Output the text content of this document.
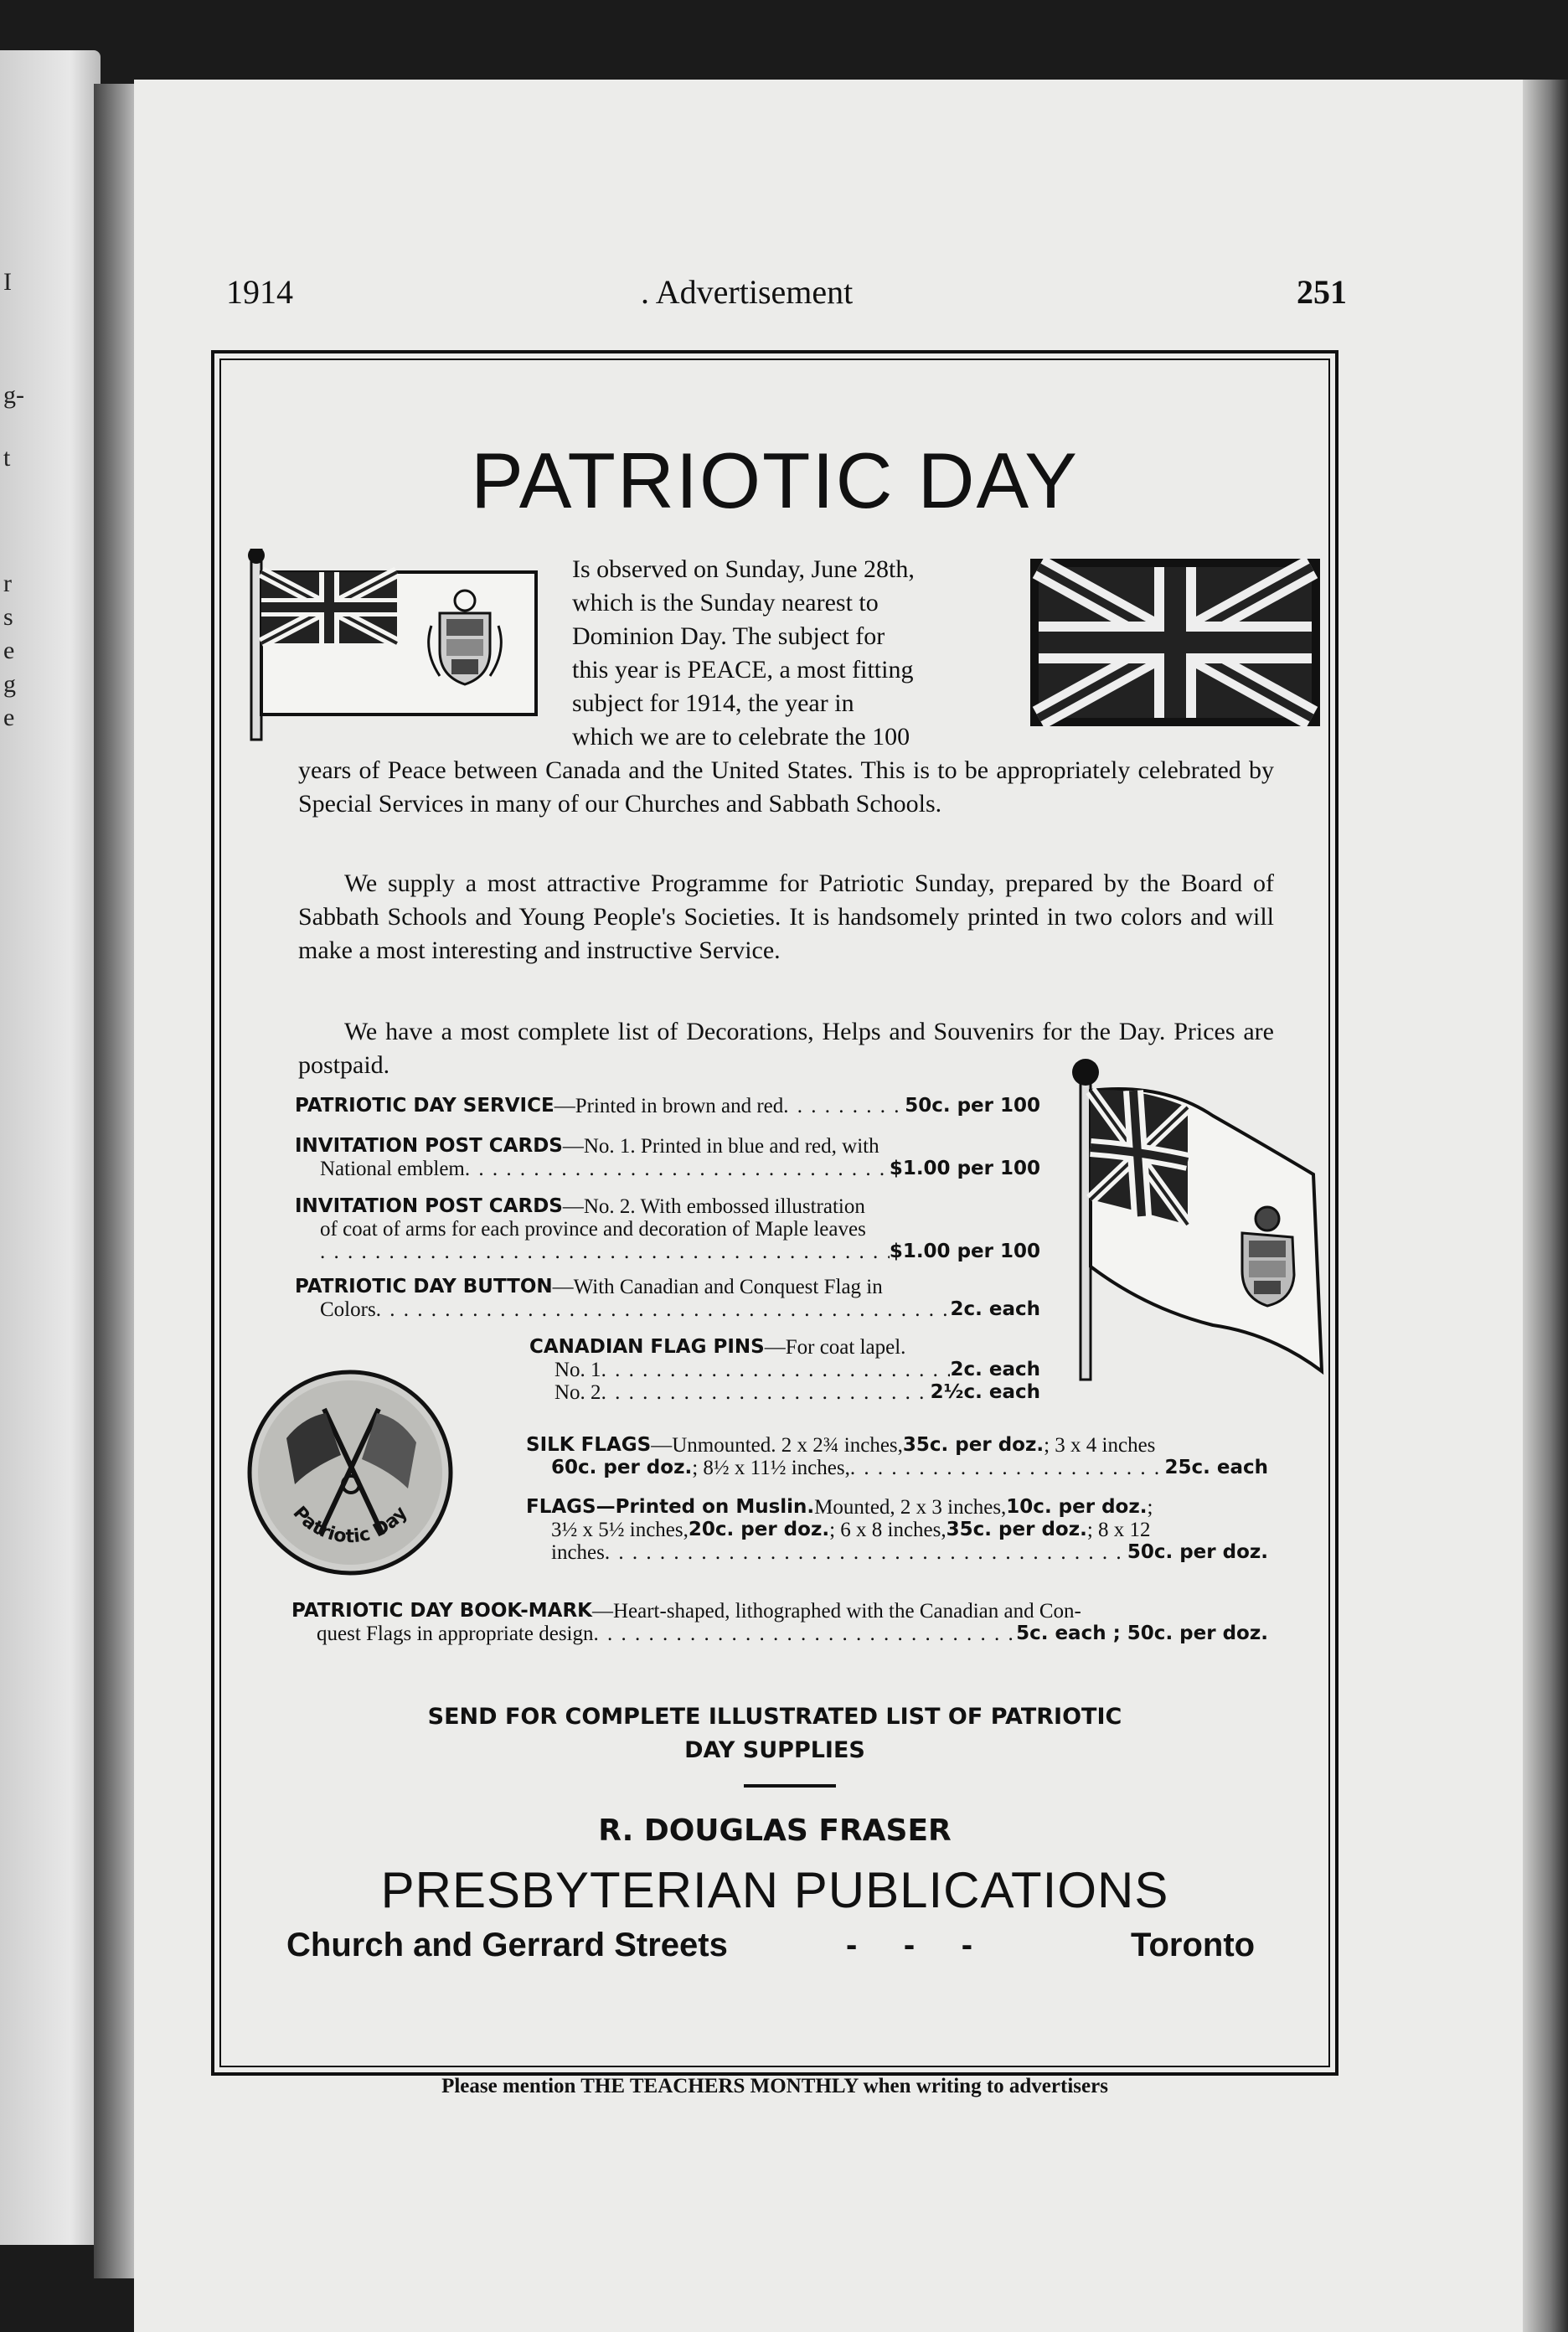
I
g-
t
r
s
e
g
e
1914	. Advertisement	251
PATRIOTIC DAY
Is observed on Sunday, June 28th,
which is the Sunday nearest to
Dominion Day. The subject for
this year is PEACE, a most fitting
subject for 1914, the year in
which we are to celebrate the 100
years of Peace between Canada and the United States. This is to be appropriately celebrated by Special Services in many of our Churches and Sabbath Schools.
We supply a most attractive Programme for Patriotic Sunday, prepared by the Board of Sabbath Schools and Young People's Societies. It is handsomely printed in two colors and will make a most interesting and instructive Service.
We have a most complete list of Decorations, Helps and Souvenirs for the Day. Prices are postpaid.
PATRIOTIC DAY SERVICE —Printed in brown and red . . .	50c. per 100
INVITATION POST CARDS —No. 1. Printed in blue and red, with
National emblem . . .	$1.00 per 100
INVITATION POST CARDS —No. 2. With embossed illustration
of coat of arms for each province and decoration of Maple leaves
. . .
$1.00 per 100
PATRIOTIC DAY BUTTON —With Canadian and Conquest Flag in
Colors . . .	2c. each
CANADIAN FLAG PINS —For coat lapel.
No. 1 . . .	2c. each
No. 2 . . .	2½c. each
Patriotic Day
SILK FLAGS —Unmounted. 2 x 2¾ inches, 35c. per doz. ; 3 x 4 inches
60c. per doz. ; 8½ x 11½ inches, . . .	25c. each
FLAGS—Printed on Muslin. Mounted, 2 x 3 inches, 10c. per doz. ;
3½ x 5½ inches, 20c. per doz. ; 6 x 8 inches, 35c. per doz. ; 8 x 12
inches . . .	50c. per doz.
PATRIOTIC DAY BOOK-MARK —Heart-shaped, lithographed with the Canadian and Con-
quest Flags in appropriate design . . .	5c. each ; 50c. per doz.
SEND FOR COMPLETE ILLUSTRATED LIST OF PATRIOTIC
DAY SUPPLIES
R. DOUGLAS FRASER
PRESBYTERIAN PUBLICATIONS
Church and Gerrard Streets	-     -     -	Toronto
Please mention THE TEACHERS MONTHLY when writing to advertisers
